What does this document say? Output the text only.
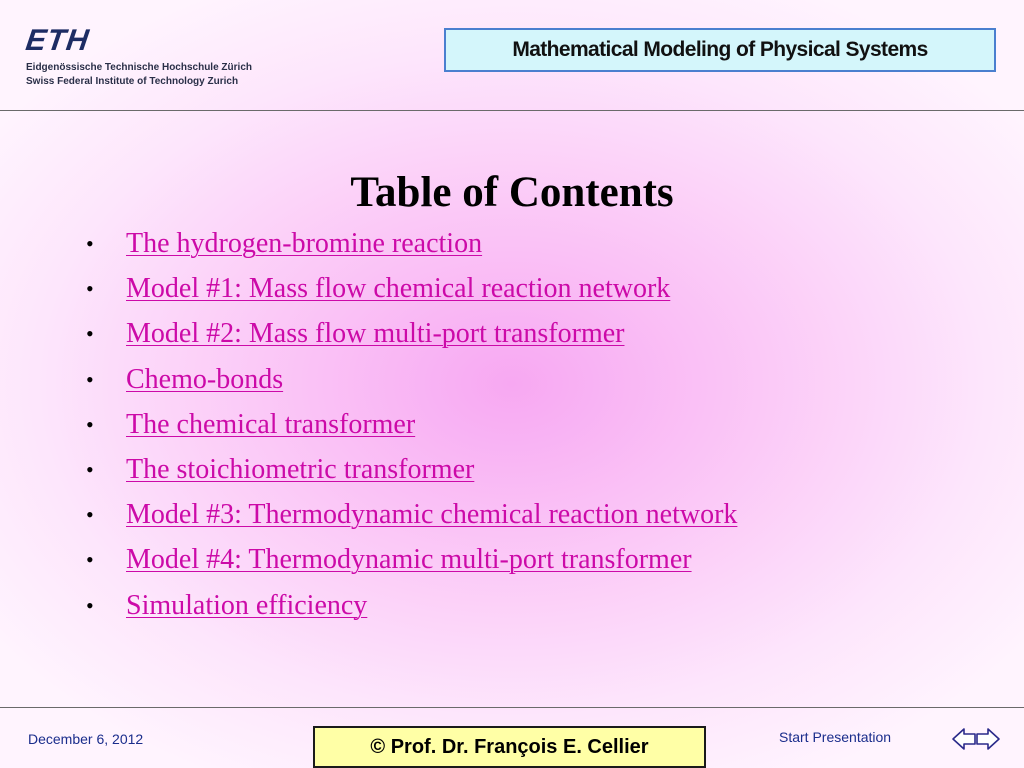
ETH
Eidgenössische Technische Hochschule Zürich
Swiss Federal Institute of Technology Zurich
Mathematical Modeling of Physical Systems
Table of Contents
• The hydrogen-bromine reaction
• Model #1: Mass flow chemical reaction network
• Model #2: Mass flow multi-port transformer
• Chemo-bonds
• The chemical transformer
• The stoichiometric transformer
• Model #3: Thermodynamic chemical reaction network
• Model #4: Thermodynamic multi-port transformer
• Simulation efficiency
December 6, 2012	© Prof. Dr. François E. Cellier	Start Presentation
